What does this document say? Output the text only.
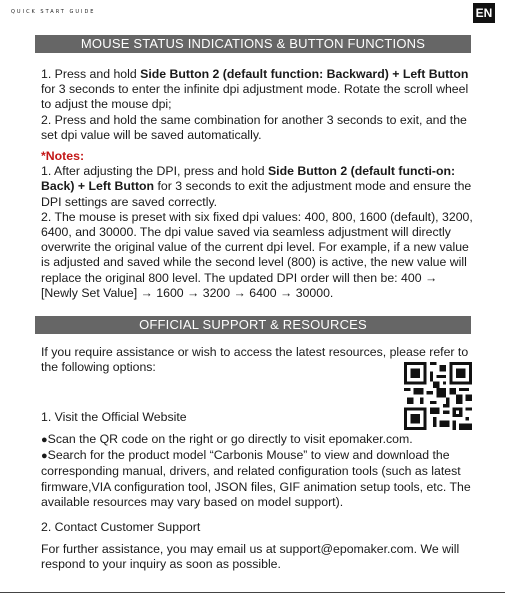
QUICK START GUIDE	EN
MOUSE STATUS INDICATIONS & BUTTON FUNCTIONS

1. Press and hold Side Button 2 (default function: Backward) + Left Button for 3 seconds to enter the infinite dpi adjustment mode. Rotate the scroll wheel to adjust the mouse dpi;

2. Press and hold the same combination for another 3 seconds to exit, and the set dpi value will be saved automatically.

*Notes:

1. After adjusting the DPI, press and hold Side Button 2 (default functi-on: Back) + Left Button for 3 seconds to exit the adjustment mode and ensure the DPI settings are saved correctly.

2. The mouse is preset with six fixed dpi values: 400, 800, 1600 (default), 3200, 6400, and 30000. The dpi value saved via seamless adjustment will directly overwrite the original value of the current dpi level. For example, if a new value is adjusted and saved while the second level (800) is active, the new value will replace the original 800 level. The updated DPI order will then be: 400 → [Newly Set Value] → 1600 → 3200 → 6400 → 30000.

OFFICIAL SUPPORT & RESOURCES
If you require assistance or wish to access the latest resources, please refer to the following options:
1. Visit the Official Website

● Scan the QR code on the right or go directly to visit epomaker.com.

● Search for the product model “Carbonis Mouse” to view and download the corresponding manual, drivers, and related configuration tools (such as latest firmware,VIA configuration tool, JSON files, GIF animation setup tools, etc. The available resources may vary based on model support).

2. Contact Customer Support
For further assistance, you may email us at support@epomaker.com. We will respond to your inquiry as soon as possible.
